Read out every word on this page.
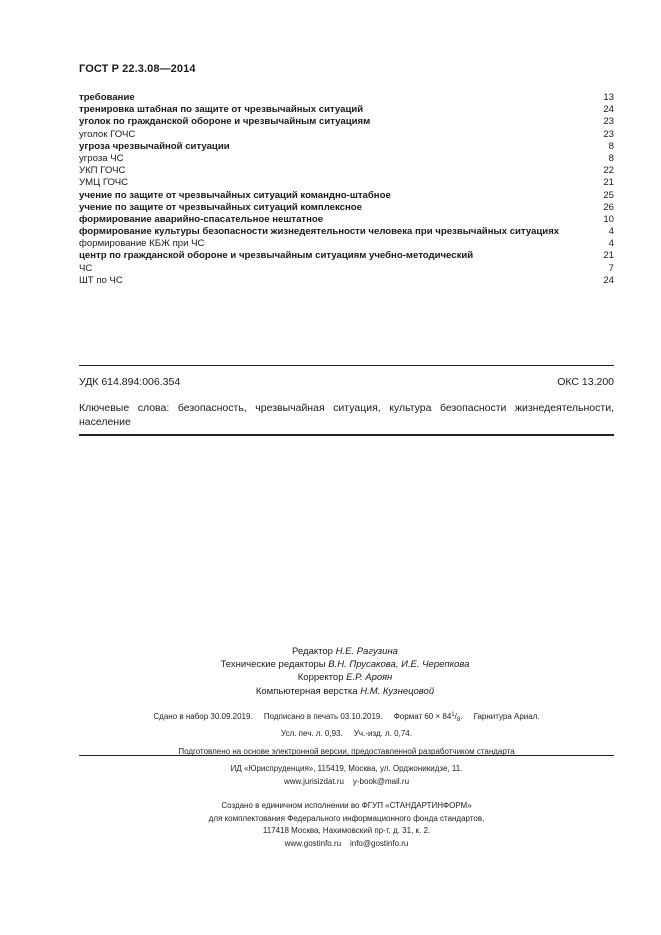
ГОСТ Р 22.3.08—2014
требование	13
тренировка штабная по защите от чрезвычайных ситуаций	24
уголок по гражданской обороне и чрезвычайным ситуациям	23
уголок ГОЧС	23
угроза чрезвычайной ситуации	8
угроза ЧС	8
УКП ГОЧС	22
УМЦ ГОЧС	21
учение по защите от чрезвычайных ситуаций командно-штабное	25
учение по защите от чрезвычайных ситуаций комплексное	26
формирование аварийно-спасательное нештатное	10
формирование культуры безопасности жизнедеятельности человека при чрезвычайных ситуациях	4
формирование КБЖ при ЧС	4
центр по гражданской обороне и чрезвычайным ситуациям учебно-методический	21
ЧС	7
ШТ по ЧС	24
УДК 614.894:006.354	ОКС 13.200
Ключевые слова: безопасность, чрезвычайная ситуация, культура безопасности жизнедеятельности, население
Редактор Н.Е. Рагузина
Технические редакторы В.Н. Прусакова, И.Е. Черепкова
Корректор Е.Р. Ароян
Компьютерная верстка Н.М. Кузнецовой
Сдано в набор 30.09.2019. Подписано в печать 03.10.2019. Формат $60 \times 84^1/_8$. Гарнитура Ариал.
Усл. печ. л. 0,93. Уч.-изд. л. 0,74.
Подготовлено на основе электронной версии, предоставленной разработчиком стандарта
ИД «Юриспруденция», 115419, Москва, ул. Орджоникидзе, 11.
www.jurisizdat.ru y-book@mail.ru
Создано в единичном исполнении во ФГУП «СТАНДАРТИНФОРМ»
для комплектования Федерального информационного фонда стандартов,
117418 Москва, Нахимовский пр-т, д. 31, к. 2.
www.gostinfo.ru info@gostinfo.ru
